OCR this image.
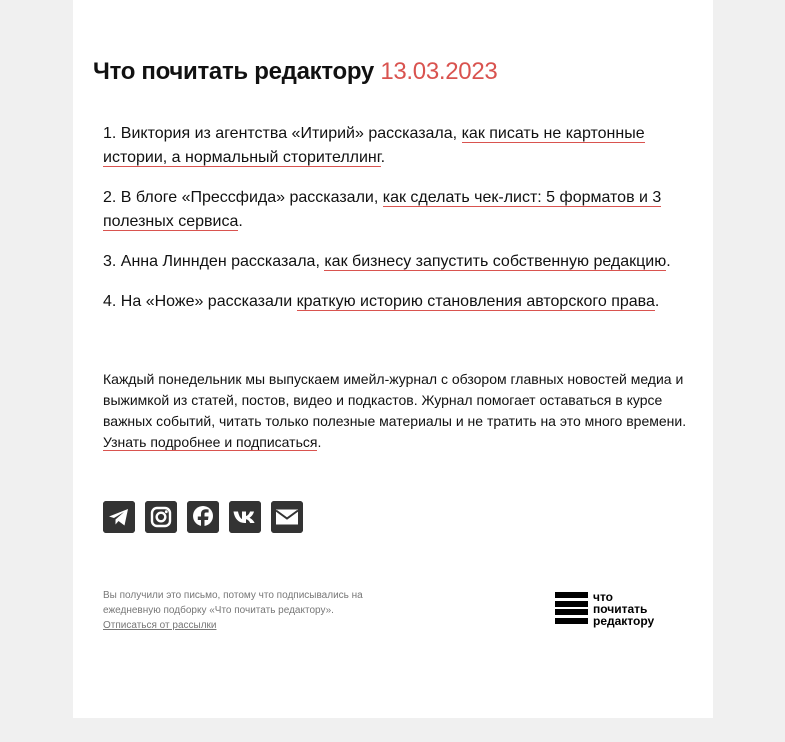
Что почитать редактору 13.03.2023

1. Виктория из агентства «Итирий» рассказала, как писать не картонные истории, а нормальный сторителлинг.

2. В блоге «Прессфида» рассказали, как сделать чек-лист: 5 форматов и 3 полезных сервиса.

3. Анна Линнден рассказала, как бизнесу запустить собственную редакцию.

4. На «Ноже» рассказали краткую историю становления авторского права.

Каждый понедельник мы выпускаем имейл-журнал с обзором главных новостей медиа и выжимкой из статей, постов, видео и подкастов. Журнал помогает оставаться в курсе важных событий, читать только полезные материалы и не тратить на это много времени. Узнать подробнее и подписаться.

Вы получили это письмо, потому что подписывались на ежедневную подборку «Что почитать редактору».
Отписаться от рассылки
что
почитать
редактору
